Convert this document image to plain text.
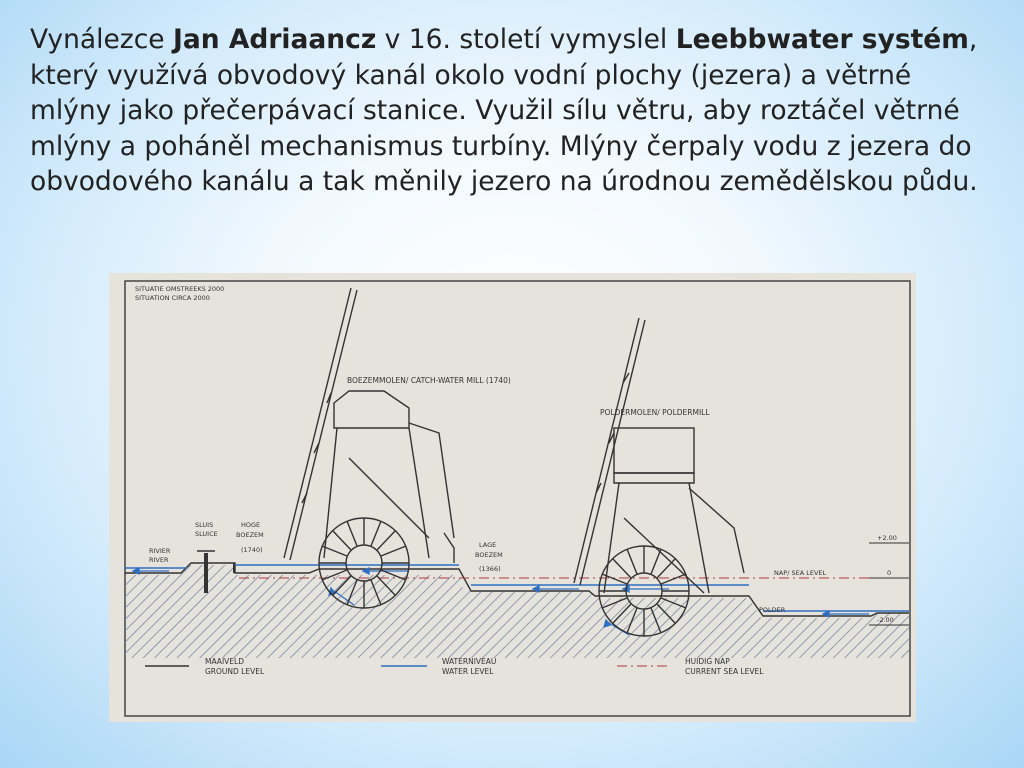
Vynálezce Jan Adriaancz v 16. století vymyslel Leebbwater systém, který využívá obvodový kanál okolo vodní plochy (jezera) a větrné mlýny jako přečerpávací stanice. Využil sílu větru, aby roztáčel větrné mlýny a poháněl mechanismus turbíny. Mlýny čerpaly vodu z jezera do obvodového kanálu a tak měnily jezero na úrodnou zemědělskou půdu.
SITUATIE OMSTREEKS 2000
SITUATION CIRCA 2000
BOEZEMMOLEN/ CATCH-WATER MILL (1740)
POLDERMOLEN/ POLDERMILL
SLUIS
SLUICE
RIVIER
RIVER
HOGE
BOEZEM
(1740)
LAGE
BOEZEM
(1366)
POLDER
NAP/ SEA LEVEL
+2.00
0
-2.00
MAAIVELD
GROUND LEVEL
WATERNIVEAU
WATER LEVEL
HUIDIG NAP
CURRENT SEA LEVEL
